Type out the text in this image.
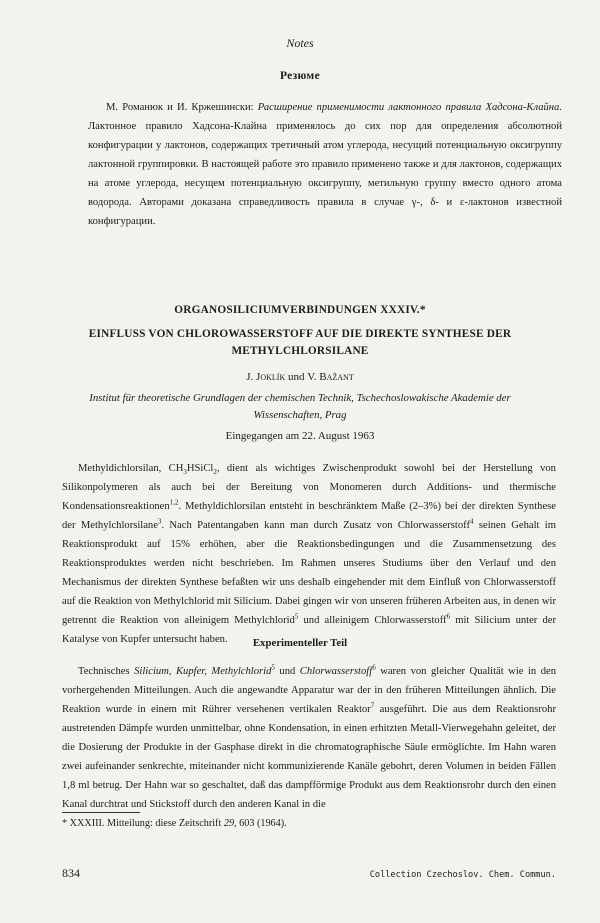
Notes
Резюме

М. Романюк и И. Кржешински: Расширение применимости лактонного правила Хадсона-Клайна. Лактонное правило Хадсона-Клайна применялось до сих пор для определения абсолютной конфигурации у лактонов, содержащих третичный атом углерода, несущий потенциальную оксигруппу лактонной группировки. В настоящей работе это правило применено также и для лактонов, содержащих на атоме углерода, несущем потенциальную оксигруппу, метильную группу вместо одного атома водорода. Авторами доказана справедливость правила в случае γ-, δ- и ε-лактонов известной конфигурации.

ORGANOSILICIUMVERBINDUNGEN XXXIV.*

EINFLUSS VON CHLOROWASSERSTOFF AUF DIE DIREKTE SYNTHESE DER METHYLCHLORSILANE

J. Joklík und V. Bažant

Institut für theoretische Grundlagen der chemischen Technik, Tschechoslowakische Akademie der Wissenschaften, Prag

Eingegangen am 22. August 1963

Methyldichlorsilan, $CH_3HSiCl_2$, dient als wichtiges Zwischenprodukt sowohl bei der Herstellung von Silikonpolymeren als auch bei der Bereitung von Monomeren durch Additions- und thermische Kondensationsreaktionen$^{1,2}$. Methyldichlorsilan entsteht in beschränktem Maße (2–3%) bei der direkten Synthese der Methylchlorsilane$^3$. Nach Patentangaben kann man durch Zusatz von Chlorwasserstoff$^4$ seinen Gehalt im Reaktionsprodukt auf 15% erhöhen, aber die Reaktionsbedingungen und die Zusammensetzung des Reaktionsproduktes werden nicht beschrieben. Im Rahmen unseres Studiums über den Verlauf und den Mechanismus der direkten Synthese befaßten wir uns deshalb eingehender mit dem Einfluß von Chlorwasserstoff auf die Reaktion von Methylchlorid mit Silicium. Dabei gingen wir von unseren früheren Arbeiten aus, in denen wir getrennt die Reaktion von alleinigem Methylchlorid$^5$ und alleinigem Chlorwasserstoff$^6$ mit Silicium unter der Katalyse von Kupfer untersucht haben.	Experimenteller Teil

Technisches Silicium, Kupfer, Methylchlorid$^5$ und Chlorwasserstoff$^6$ waren von gleicher Qualität wie in den vorhergehenden Mitteilungen. Auch die angewandte Apparatur war der in den früheren Mitteilungen ähnlich. Die Reaktion wurde in einem mit Rührer versehenen vertikalen Reaktor$^7$ ausgeführt. Die aus dem Reaktionsrohr austretenden Dämpfe wurden unmittelbar, ohne Kondensation, in einen erhitzten Metall-Vierwegehahn geleitet, der die Dosierung der Produkte in der Gasphase direkt in die chromatographische Säule ermöglichte. Im Hahn waren zwei aufeinander senkrechte, miteinander nicht kommunizierende Kanäle gebohrt, deren Volumen in beiden Fällen 1,8 ml betrug. Der Hahn war so geschaltet, daß das dampfförmige Produkt aus dem Reaktionsrohr durch den einen Kanal durchtrat und Stickstoff durch den anderen Kanal in die

* XXXIII. Mitteilung: diese Zeitschrift 29, 603 (1964).

834	Collection Czechoslov. Chem. Commun.
